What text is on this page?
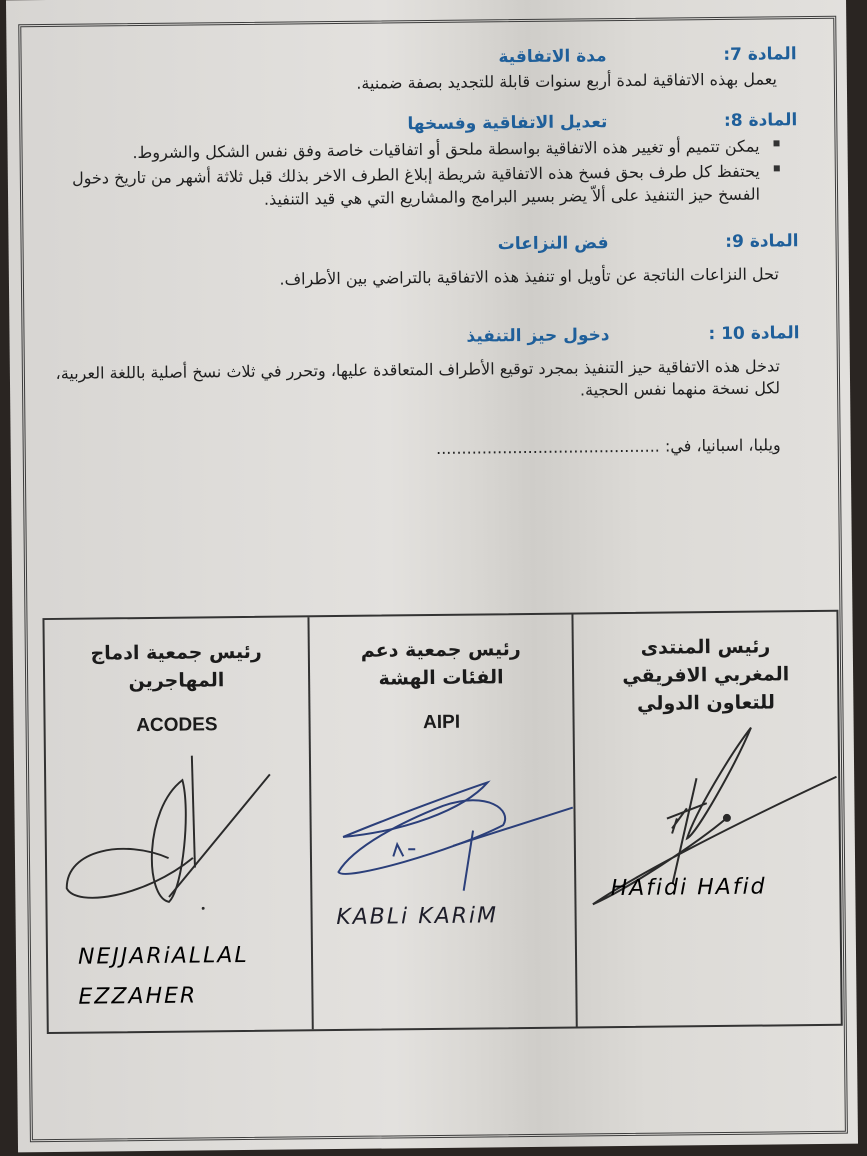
المادة 7:
مدة الاتفاقية
يعمل بهذه الاتفاقية لمدة أربع سنوات قابلة للتجديد بصفة ضمنية.
المادة 8:
تعديل الاتفاقية وفسخها
يمكن تتميم أو تغيير هذه الاتفاقية بواسطة ملحق أو اتفاقيات خاصة وفق نفس الشكل والشروط.
يحتفظ كل طرف بحق فسخ هذه الاتفاقية شريطة إبلاغ الطرف الاخر بذلك قبل ثلاثة أشهر من تاريخ دخول الفسخ حيز التنفيذ على ألاّ يضر بسير البرامج والمشاريع التي هي قيد التنفيذ.
المادة 9:
فض النزاعات
تحل النزاعات الناتجة عن تأويل او تنفيذ هذه الاتفاقية بالتراضي بين الأطراف.
المادة 10 :
دخول حيز التنفيذ
تدخل هذه الاتفاقية حيز التنفيذ بمجرد توقيع الأطراف المتعاقدة عليها، وتحرر في ثلاث نسخ أصلية باللغة العربية، لكل نسخة منهما نفس الحجية.
ويلبا، اسبانيا، في: ............................................
رئيس المنتدى المغربي الافريقي للتعاون الدولي
HAfidi HAfid
رئيس جمعية دعم الفئات الهشة
AIPI
KABLi KARiM
رئيس جمعية ادماج المهاجرين
ACODES
NEJJARiALLAL EZZAHER
